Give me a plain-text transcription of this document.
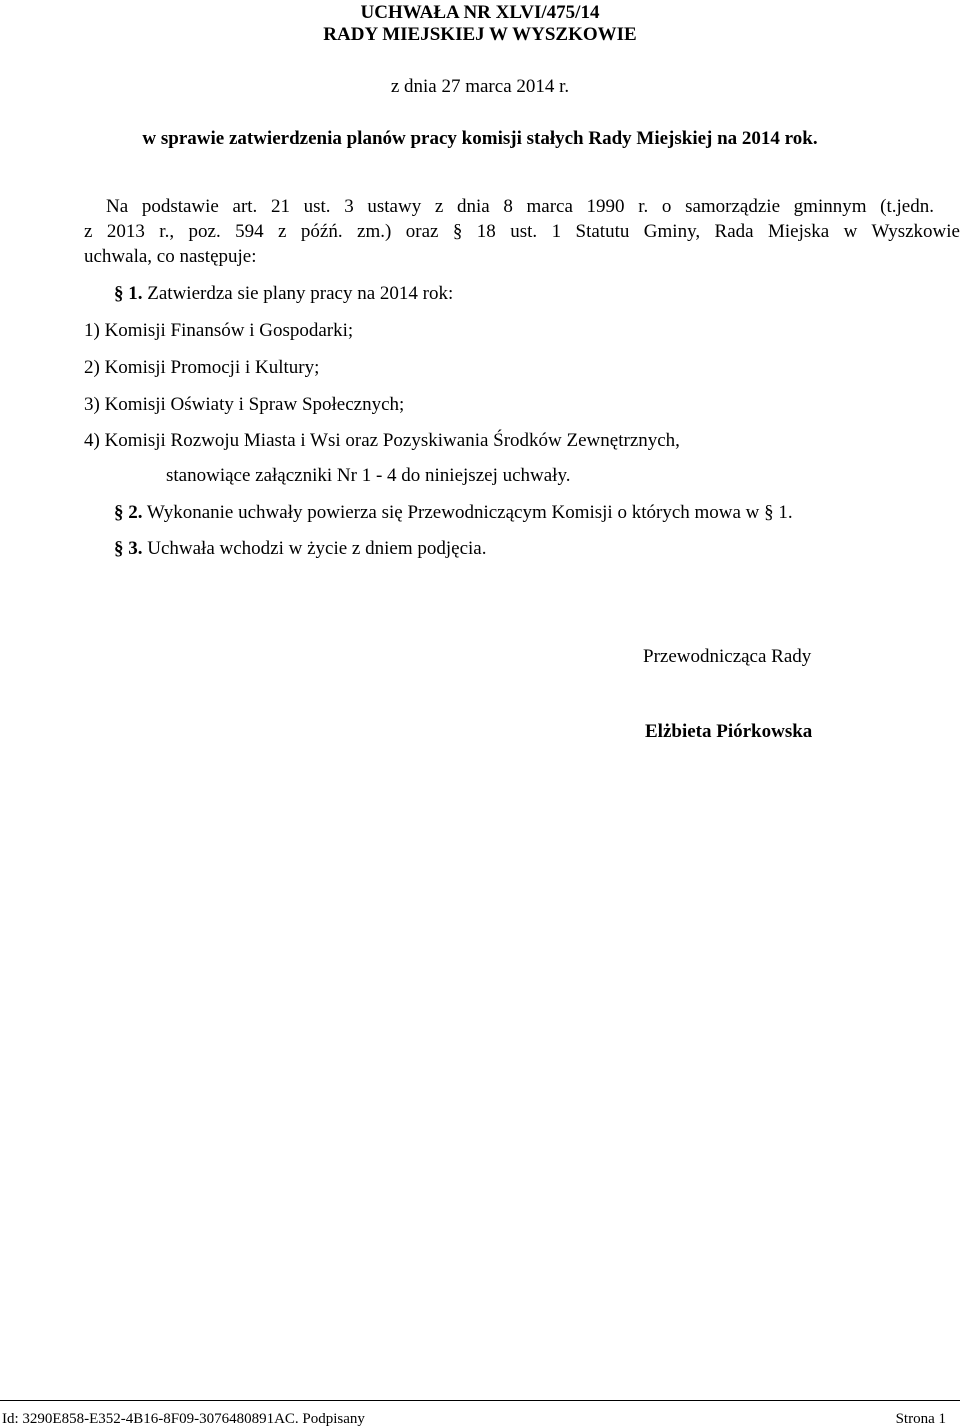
UCHWAŁA NR XLVI/475/14
RADY MIEJSKIEJ W WYSZKOWIE
z dnia 27 marca 2014 r.
w sprawie zatwierdzenia planów pracy komisji stałych Rady Miejskiej na 2014 rok.
Na podstawie art. 21 ust. 3 ustawy z dnia 8 marca 1990 r. o samorządzie gminnym (t.jedn.
z 2013 r., poz. 594 z późń. zm.) oraz § 18 ust. 1 Statutu Gminy, Rada Miejska w Wyszkowie
uchwala, co następuje:
§ 1. Zatwierdza sie plany pracy na 2014 rok:
1) Komisji Finansów i Gospodarki;
2) Komisji Promocji i Kultury;
3) Komisji Oświaty i Spraw Społecznych;
4) Komisji Rozwoju Miasta i Wsi oraz Pozyskiwania Środków Zewnętrznych,
stanowiące załączniki Nr 1 - 4 do niniejszej uchwały.
§ 2. Wykonanie uchwały powierza się Przewodniczącym Komisji o których mowa w § 1.
§ 3. Uchwała wchodzi w życie z dniem podjęcia.
Przewodnicząca Rady
Elżbieta Piórkowska
Id: 3290E858-E352-4B16-8F09-3076480891AC. Podpisany	Strona 1
